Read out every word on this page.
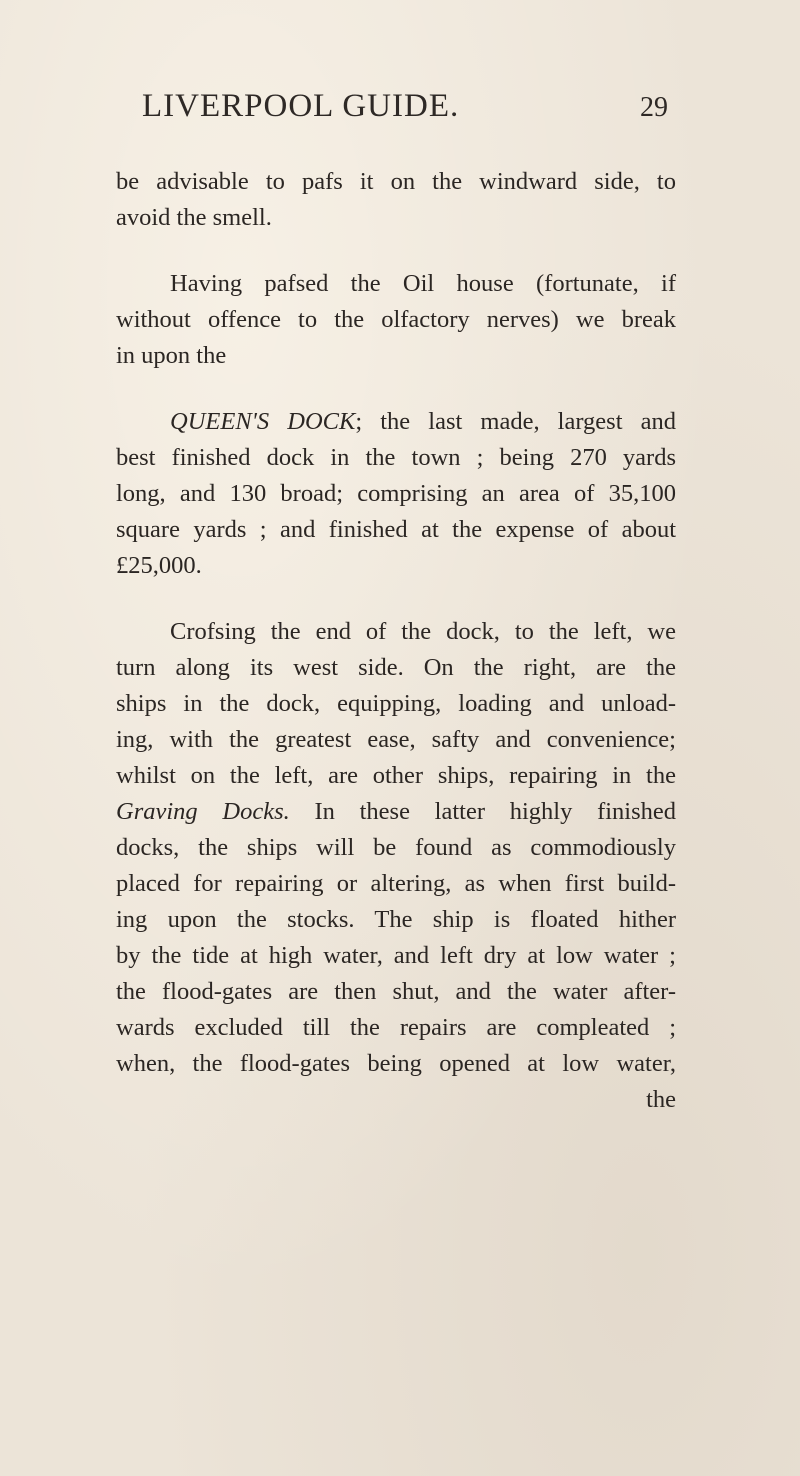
LIVERPOOL GUIDE.	29
be advisable to pafs it on the windward side, to
avoid the smell.
Having pafsed the Oil house (fortunate, if
without offence to the olfactory nerves) we break
in upon the
QUEEN'S DOCK; the last made, largest and
best finished dock in the town ; being 270 yards
long, and 130 broad; comprising an area of 35,100
square yards ; and finished at the expense of about
£25,000.
Crofsing the end of the dock, to the left, we
turn along its west side. On the right, are the
ships in the dock, equipping, loading and unload-
ing, with the greatest ease, safty and convenience;
whilst on the left, are other ships, repairing in the
Graving Docks. In these latter highly finished
docks, the ships will be found as commodiously
placed for repairing or altering, as when first build-
ing upon the stocks. The ship is floated hither
by the tide at high water, and left dry at low water ;
the flood-gates are then shut, and the water after-
wards excluded till the repairs are compleated ;
when, the flood-gates being opened at low water,
the
